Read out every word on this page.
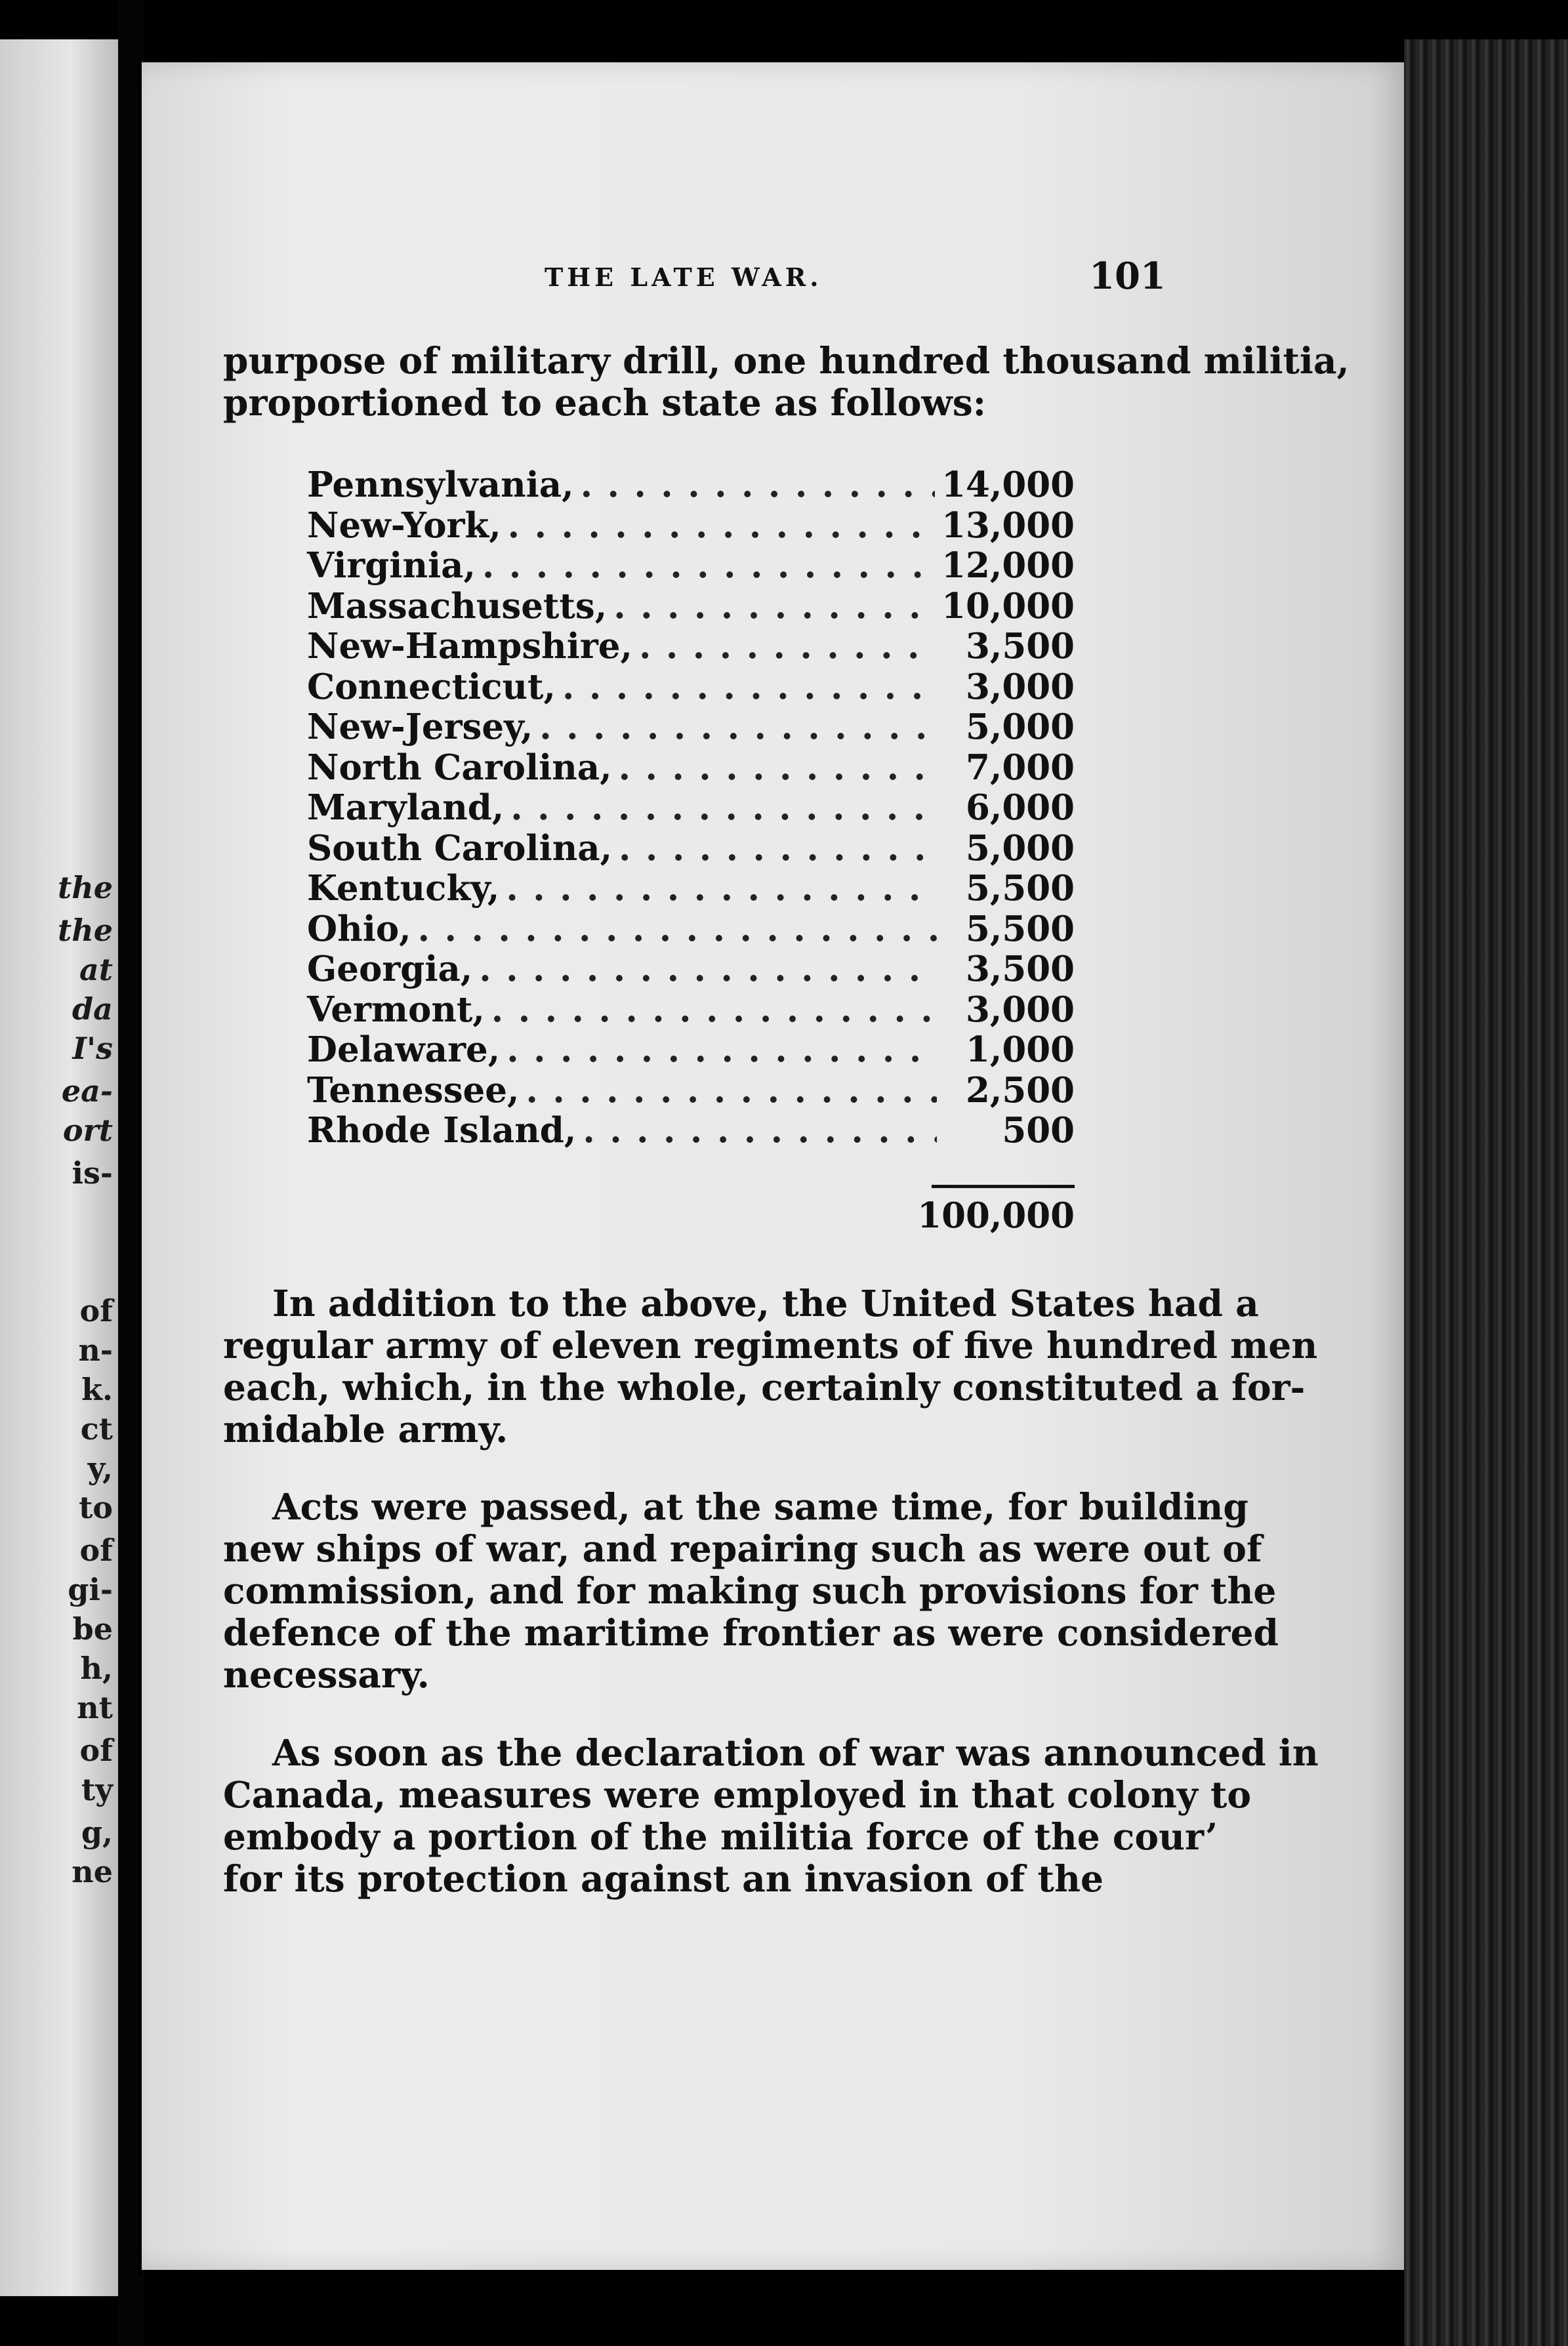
the
the
at
da
I's
ea-
ort
is-
of
n-
k.
ct
y,
to
of
gi-
be
h,
nt
of
ty
g,
ne
THE LATE WAR.	101
purpose of military drill, one hundred thousand militia,
proportioned to each state as follows:
Pennsylvania, . . .	14,000
New-York, . . .	13,000
Virginia, . . .	12,000
Massachusetts, . . .	10,000
New-Hampshire, . . .	3,500
Connecticut, . . .	3,000
New-Jersey, . . .	5,000
North Carolina, . . .	7,000
Maryland, . . .	6,000
South Carolina, . . .	5,000
Kentucky, . . .	5,500
Ohio, . . .	5,500
Georgia, . . .	3,500
Vermont, . . .	3,000
Delaware, . . .	1,000
Tennessee, . . .	2,500
Rhode Island, . . .	500
100,000
In addition to the above, the United States had a
regular army of eleven regiments of five hundred men
each, which, in the whole, certainly constituted a for-
midable army.
Acts were passed, at the same time, for building
new ships of war, and repairing such as were out of
commission, and for making such provisions for the
defence of the maritime frontier as were considered
necessary.
As soon as the declaration of war was announced in
Canada, measures were employed in that colony to
embody a portion of the militia force of the cour’
for its protection against an invasion of the
